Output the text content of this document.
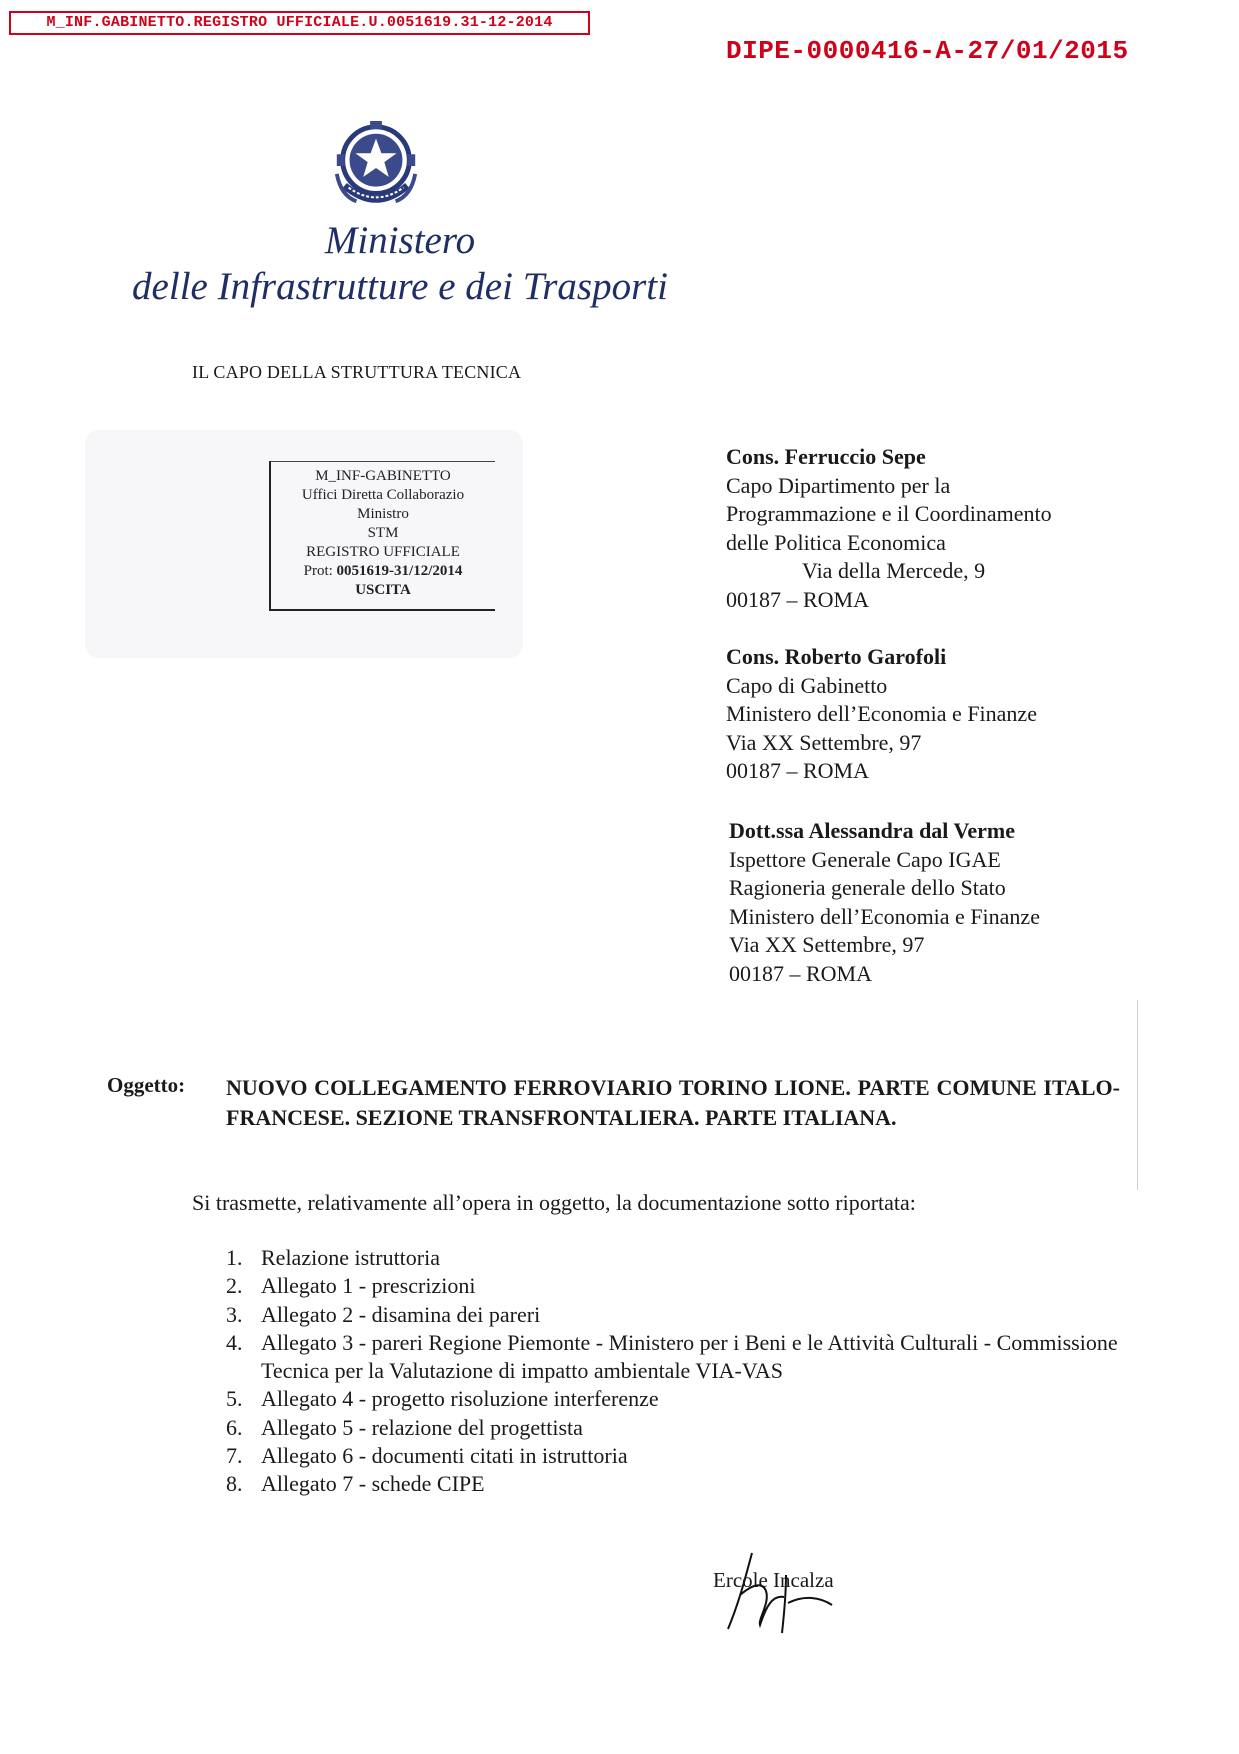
M_INF.GABINETTO.REGISTRO UFFICIALE.U.0051619.31-12-2014
DIPE-0000416-A-27/01/2015
Ministero
delle Infrastrutture e dei Trasporti
IL CAPO DELLA STRUTTURA TECNICA
M_INF-GABINETTO
Uffici Diretta Collaborazio
Ministro
STM
REGISTRO UFFICIALE
Prot: 0051619-31/12/2014
USCITA
Cons. Ferruccio Sepe
Capo Dipartimento per la
Programmazione e il Coordinamento
delle Politica Economica
Via della Mercede, 9
00187 – ROMA
Cons. Roberto Garofoli
Capo di Gabinetto
Ministero dell’Economia e Finanze
Via XX Settembre, 97
00187 – ROMA
Dott.ssa Alessandra dal Verme
Ispettore Generale Capo IGAE
Ragioneria generale dello Stato
Ministero dell’Economia e Finanze
Via XX Settembre, 97
00187 – ROMA
Oggetto: NUOVO COLLEGAMENTO FERROVIARIO TORINO LIONE. PARTE COMUNE ITALO-FRANCESE. SEZIONE TRANSFRONTALIERA. PARTE ITALIANA.
Si trasmette, relativamente all’opera in oggetto, la documentazione sotto riportata:
1. Relazione istruttoria
2. Allegato 1 - prescrizioni
3. Allegato 2 - disamina dei pareri
4. Allegato 3 - pareri Regione Piemonte - Ministero per i Beni e le Attività Culturali - Commissione Tecnica per la Valutazione di impatto ambientale VIA-VAS
5. Allegato 4 - progetto risoluzione interferenze
6. Allegato 5 - relazione del progettista
7. Allegato 6 - documenti citati in istruttoria
8. Allegato 7 - schede CIPE
Ercole Incalza
